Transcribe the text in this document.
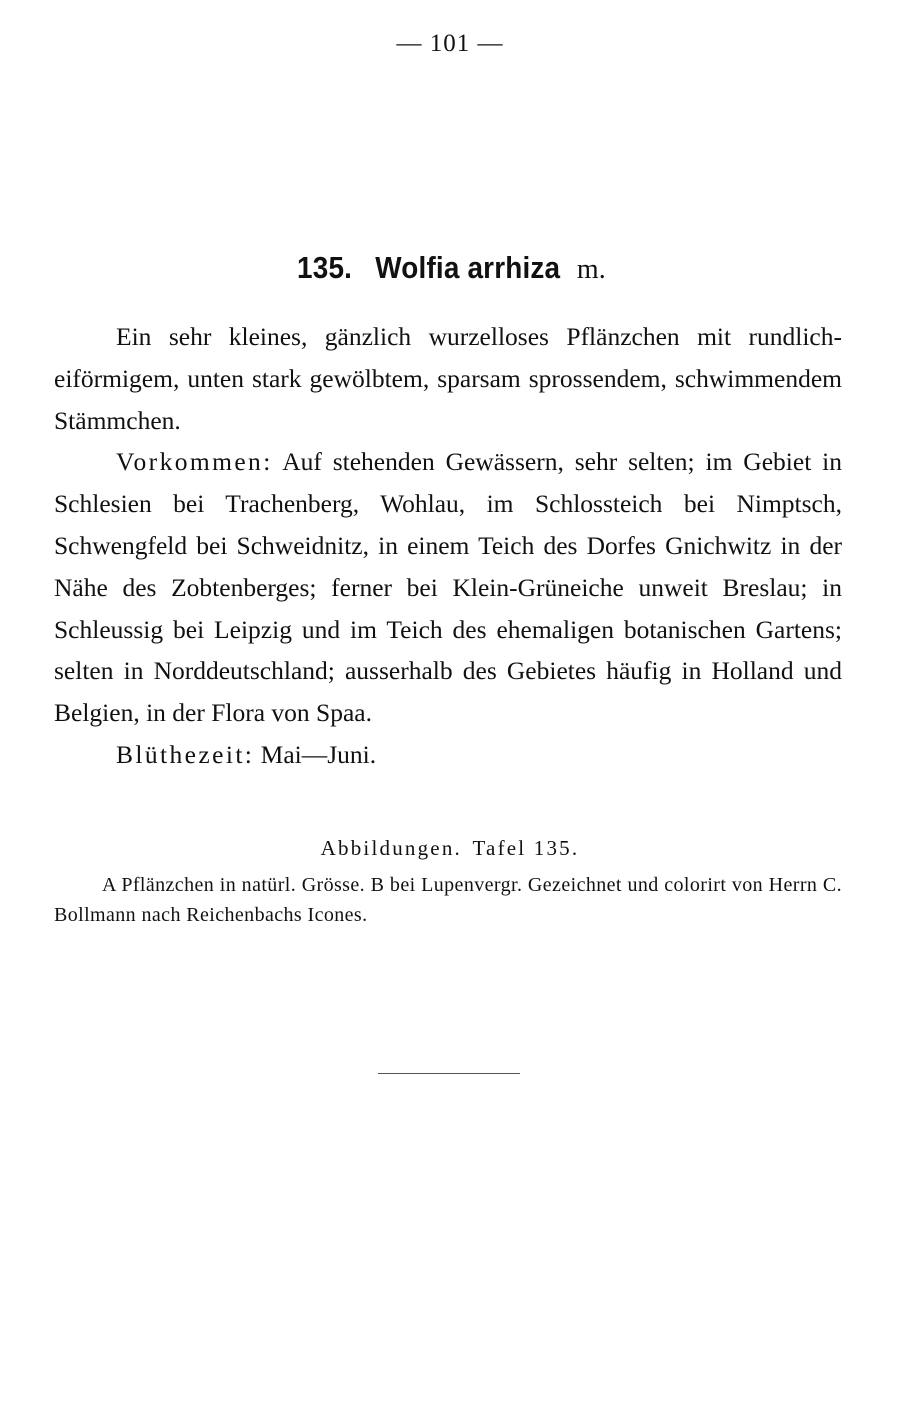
— 101 —
135. Wolfia arrhiza m.

Ein sehr kleines, gänzlich wurzelloses Pflänzchen mit rundlich-eiförmigem, unten stark gewölbtem, sparsam sprossendem, schwimmendem Stämmchen.

Vorkommen: Auf stehenden Gewässern, sehr selten; im Gebiet in Schlesien bei Trachenberg, Wohlau, im Schlossteich bei Nimptsch, Schwengfeld bei Schweidnitz, in einem Teich des Dorfes Gnichwitz in der Nähe des Zobtenberges; ferner bei Klein-Grüneiche unweit Breslau; in Schleussig bei Leipzig und im Teich des ehemaligen botanischen Gartens; selten in Norddeutschland; ausserhalb des Gebietes häufig in Holland und Belgien, in der Flora von Spaa.

Blüthezeit: Mai—Juni.

Abbildungen. Tafel 135.
A Pflänzchen in natürl. Grösse. B bei Lupenvergr. Gezeichnet und colorirt von Herrn C. Bollmann nach Reichenbachs Icones.
